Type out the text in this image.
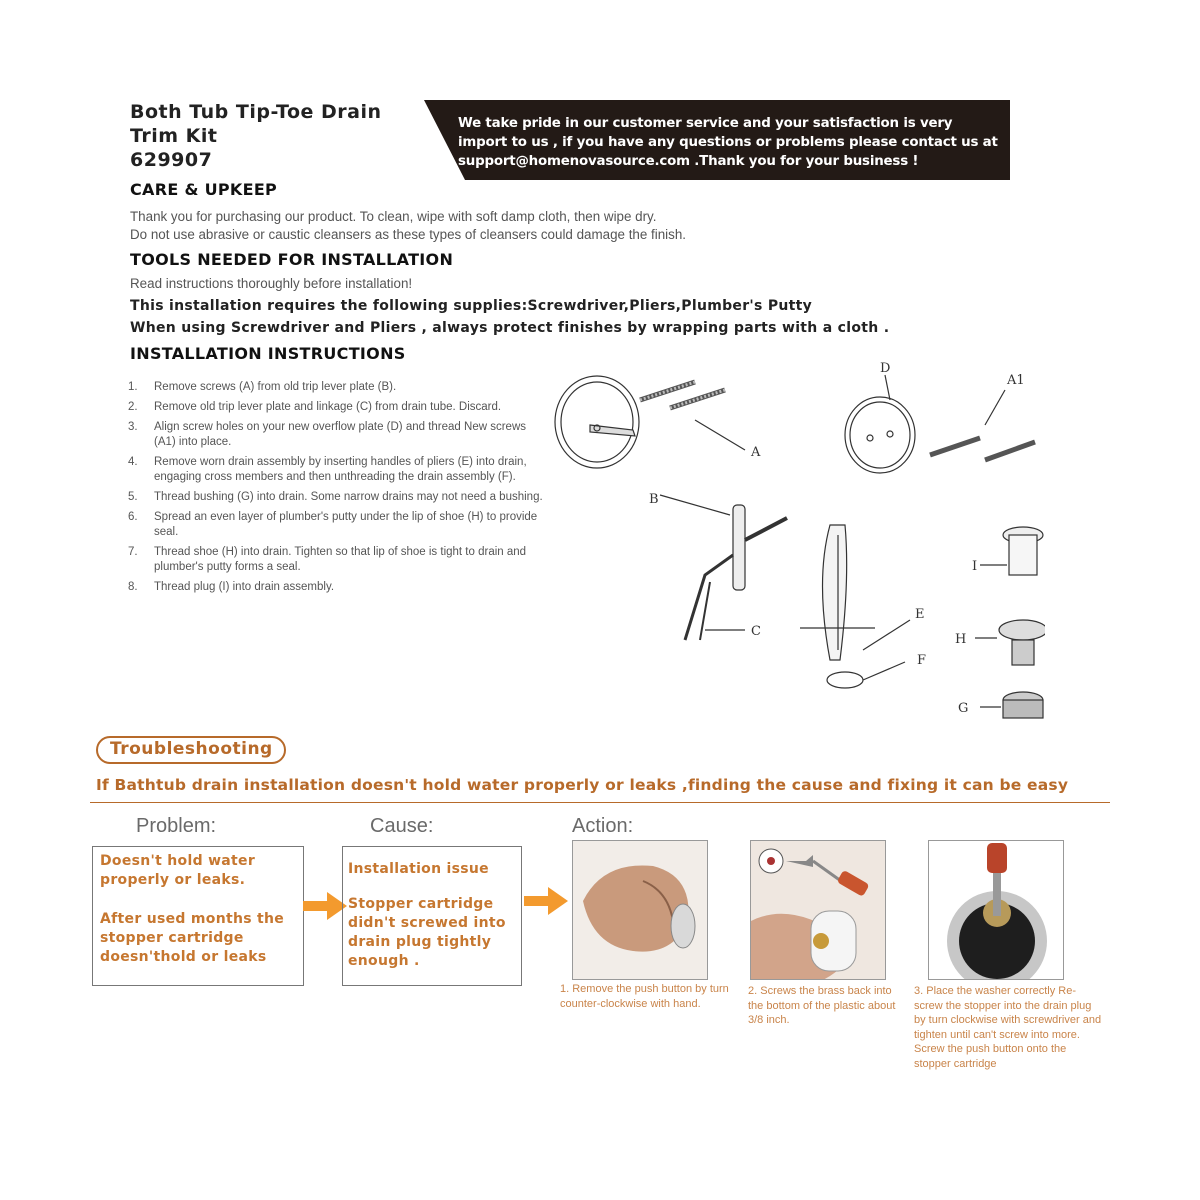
Both Tub Tip-Toe Drain
Trim Kit
629907
We take pride in our customer service and your satisfaction is very import to us , if you have any questions or problems please contact us at support@homenovasource.com .Thank you for your business !
CARE & UPKEEP
Thank you for purchasing our product. To clean, wipe with soft damp cloth, then wipe dry.
Do not use abrasive or caustic cleansers as these types of cleansers could damage the finish.
TOOLS NEEDED FOR INSTALLATION
Read instructions thoroughly before installation!
This installation requires the following supplies:Screwdriver,Pliers,Plumber's Putty
When using Screwdriver and Pliers , always protect finishes by wrapping parts with a cloth .
INSTALLATION INSTRUCTIONS
1.	Remove screws (A) from old trip lever plate (B).
2.	Remove old trip lever plate and linkage (C) from drain tube. Discard.
3.	Align screw holes on your new overflow plate (D) and thread New screws (A1) into place.
4.	Remove worn drain assembly by inserting handles of pliers (E) into drain, engaging cross members and then unthreading the drain assembly (F).
5.	Thread bushing (G) into drain. Some narrow drains may not need a bushing.
6.	Spread an even layer of plumber's putty under the lip of shoe (H) to provide seal.
7.	Thread shoe (H) into drain. Tighten so that lip of shoe is tight to drain and plumber's putty forms a seal.
8.	Thread plug (I) into drain assembly.
A
B
C
D
A1
E
F
I
H
G
Troubleshooting
If Bathtub drain installation doesn't hold water properly or leaks ,finding the cause and fixing it can be easy
Problem:	Cause:	Action:
Doesn't hold water properly or leaks.
After used months the stopper cartridge doesn'thold or leaks
Installation issue
Stopper cartridge didn't screwed into drain plug tightly enough .
1. Remove the push button by turn counter-clockwise with hand.
2. Screws the brass back into the bottom of the plastic about 3/8 inch.
3. Place the washer correctly Re-screw the stopper into the drain plug by turn clockwise with screwdriver and tighten until can't screw into more. Screw the push button onto the stopper cartridge
